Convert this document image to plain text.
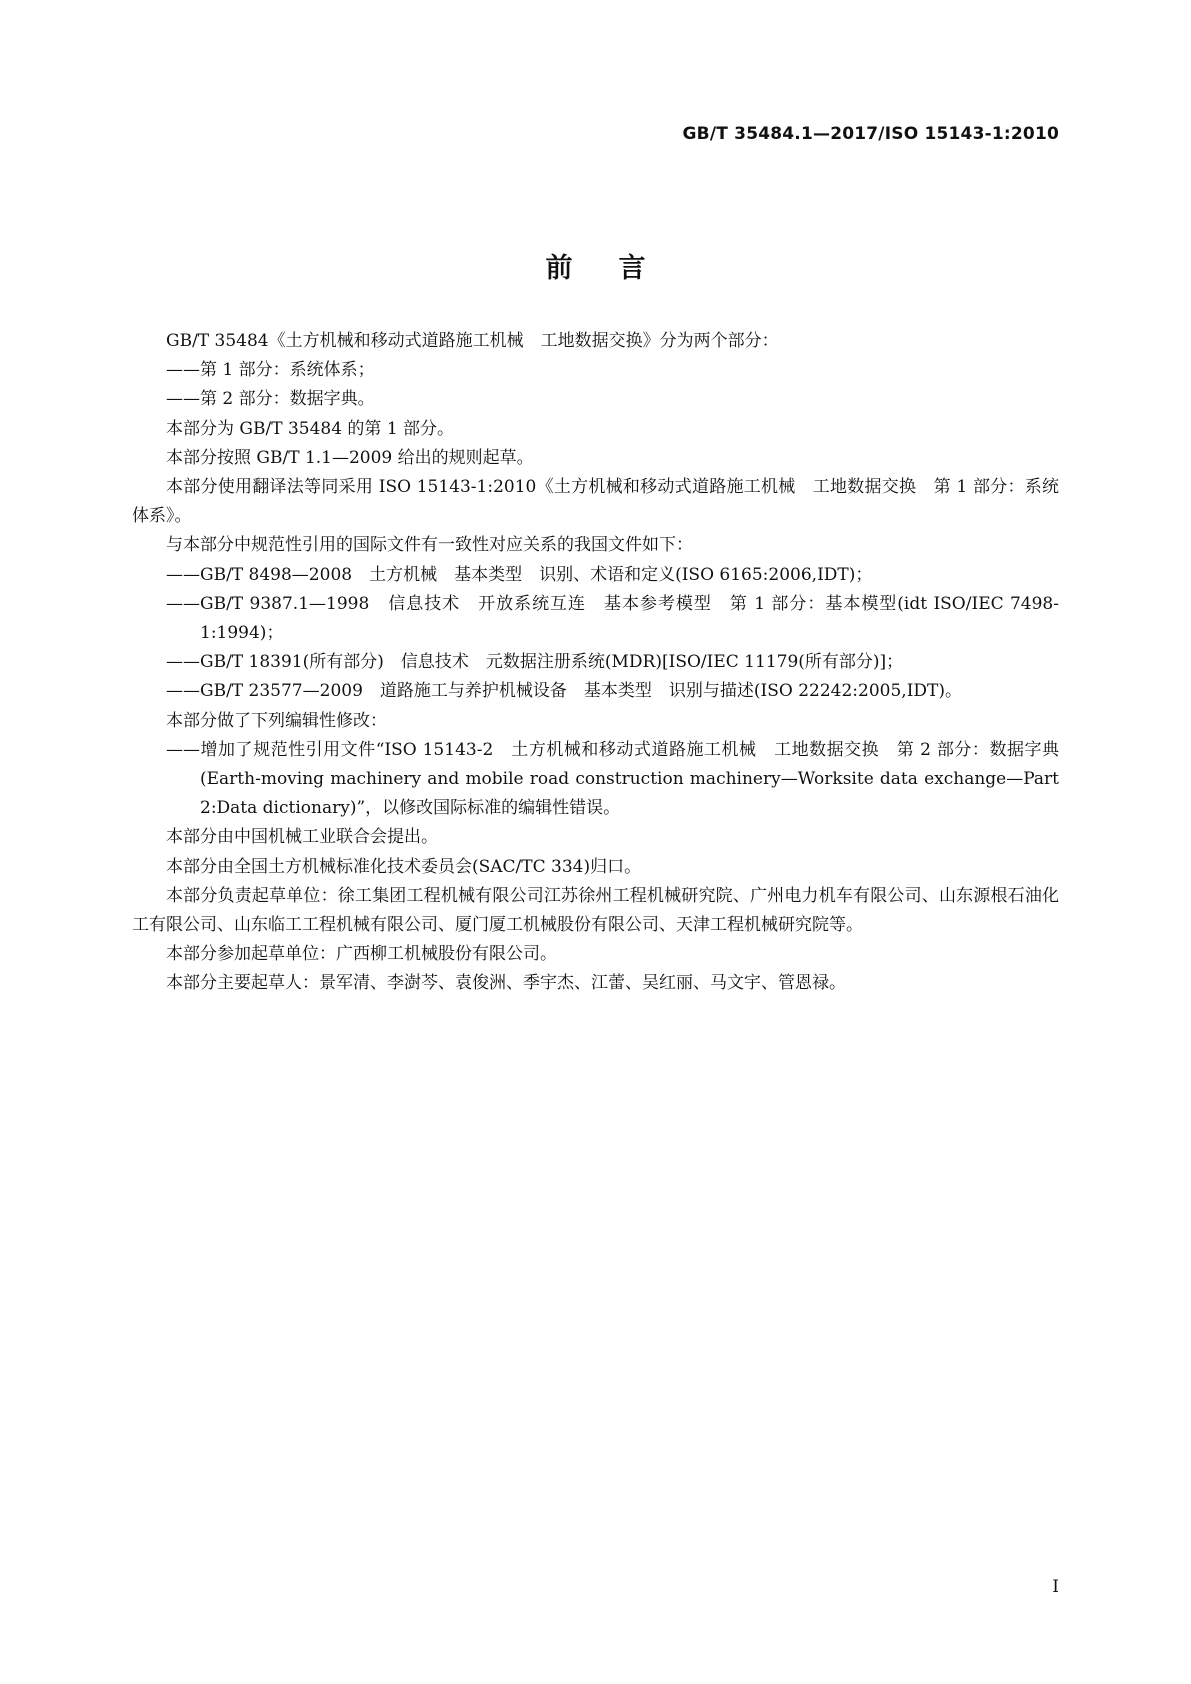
GB/T 35484.1—2017/ISO 15143-1:2010
前言

GB/T 35484《土方机械和移动式道路施工机械　工地数据交换》分为两个部分：

——第 1 部分：系统体系；

——第 2 部分：数据字典。

本部分为 GB/T 35484 的第 1 部分。

本部分按照 GB/T 1.1—2009 给出的规则起草。

本部分使用翻译法等同采用 ISO 15143-1:2010《土方机械和移动式道路施工机械　工地数据交换　第 1 部分：系统体系》。

与本部分中规范性引用的国际文件有一致性对应关系的我国文件如下：

——GB/T 8498—2008　土方机械　基本类型　识别、术语和定义(ISO 6165:2006,IDT)；

——GB/T 9387.1—1998　信息技术　开放系统互连　基本参考模型　第 1 部分：基本模型(idt ISO/IEC 7498-1:1994)；

——GB/T 18391(所有部分)　信息技术　元数据注册系统(MDR)[ISO/IEC 11179(所有部分)]；

——GB/T 23577—2009　道路施工与养护机械设备　基本类型　识别与描述(ISO 22242:2005,IDT)。

本部分做了下列编辑性修改：

——增加了规范性引用文件“ISO 15143-2　土方机械和移动式道路施工机械　工地数据交换　第 2 部分：数据字典(Earth-moving machinery and mobile road construction machinery—Worksite data exchange—Part 2:Data dictionary)”，以修改国际标准的编辑性错误。

本部分由中国机械工业联合会提出。

本部分由全国土方机械标准化技术委员会(SAC/TC 334)归口。

本部分负责起草单位：徐工集团工程机械有限公司江苏徐州工程机械研究院、广州电力机车有限公司、山东源根石油化工有限公司、山东临工工程机械有限公司、厦门厦工机械股份有限公司、天津工程机械研究院等。

本部分参加起草单位：广西柳工机械股份有限公司。

本部分主要起草人：景军清、李澍芩、袁俊洲、季宇杰、江蕾、吴红丽、马文宇、管恩禄。

I
